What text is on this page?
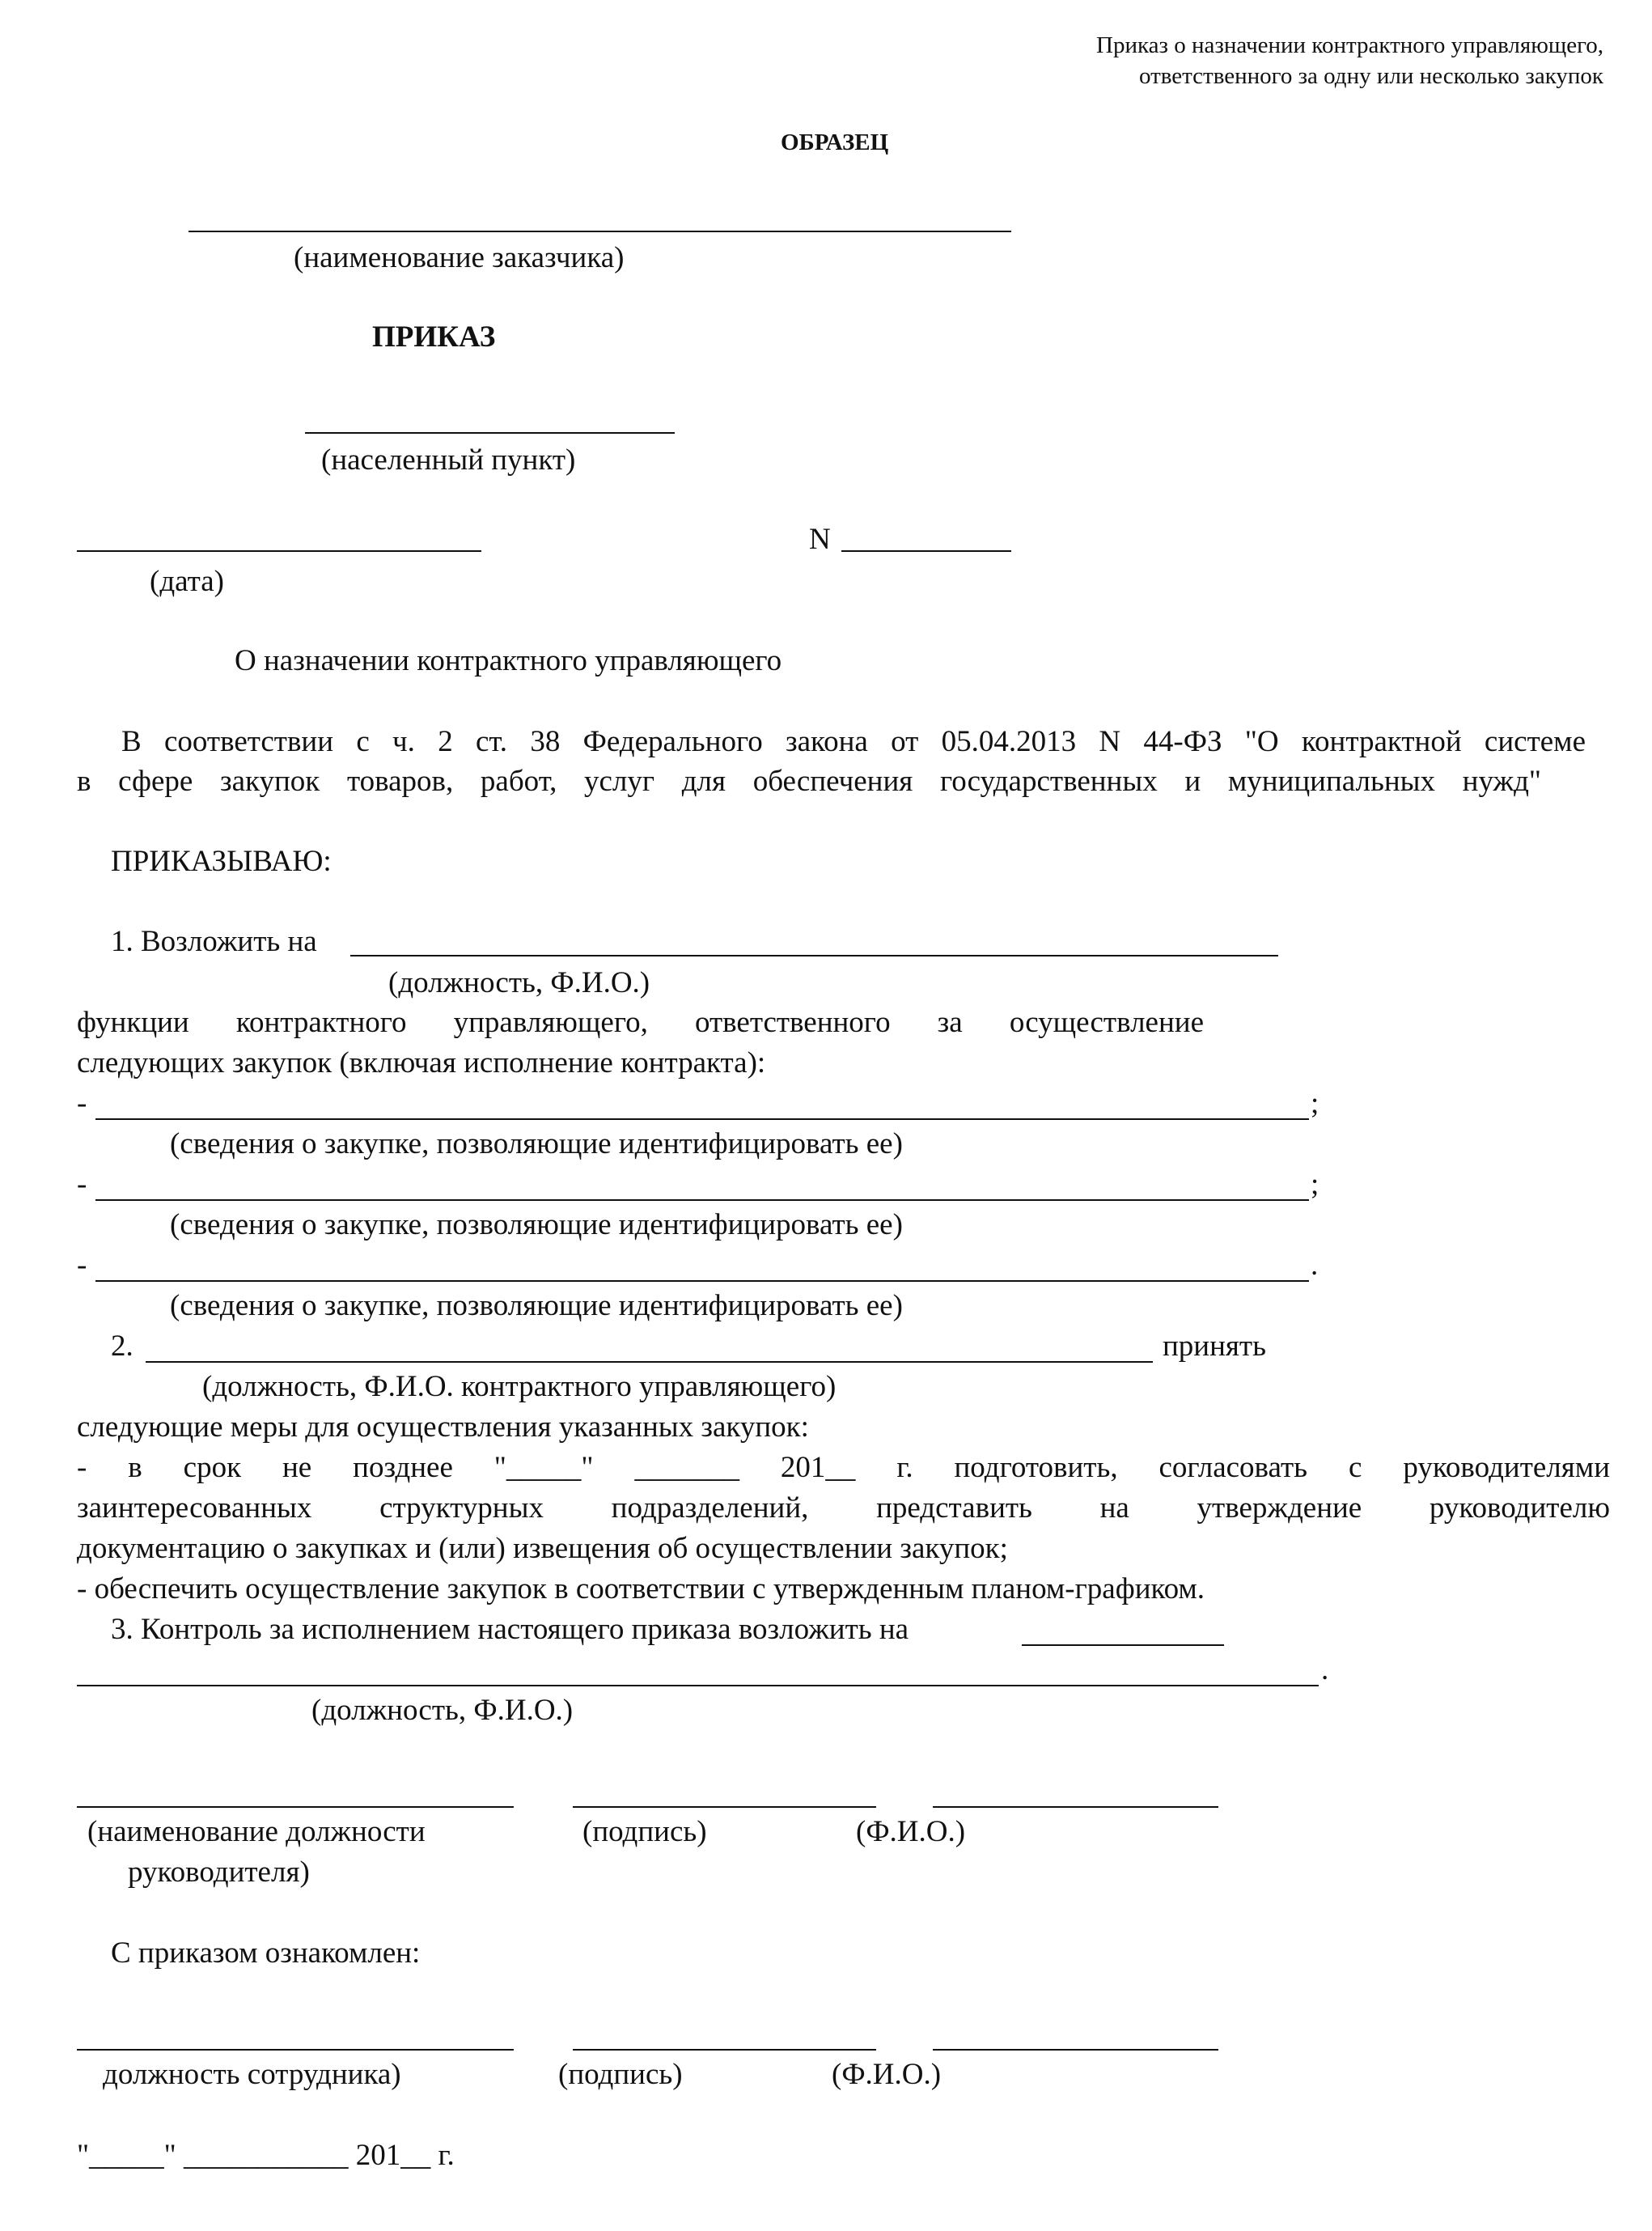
Приказ о назначении контрактного управляющего,
ответственного за одну или несколько закупок
ОБРАЗЕЦ
(наименование заказчика)
ПРИКАЗ
(населенный пункт)
N
(дата)
О назначении контрактного управляющего
В соответствии с ч. 2 ст. 38 Федерального закона от 05.04.2013 N 44-ФЗ "О контрактной системе
в сфере закупок товаров, работ, услуг для обеспечения государственных и муниципальных нужд"
ПРИКАЗЫВАЮ:
1. Возложить на
(должность, Ф.И.О.)
функции контрактного управляющего, ответственного за осуществление
следующих закупок (включая исполнение контракта):
-	;
(сведения о закупке, позволяющие идентифицировать ее)
-	;
(сведения о закупке, позволяющие идентифицировать ее)
-	.
(сведения о закупке, позволяющие идентифицировать ее)
2.	принять
(должность, Ф.И.О. контрактного управляющего)
следующие меры для осуществления указанных закупок:
- в срок не позднее "_____" _______ 201__ г. подготовить, согласовать с руководителями
заинтересованных структурных подразделений, представить на утверждение руководителю
документацию о закупках и (или) извещения об осуществлении закупок;
- обеспечить осуществление закупок в соответствии с утвержденным планом-графиком.
3. Контроль за исполнением настоящего приказа возложить на
.
(должность, Ф.И.О.)
(наименование должности
руководителя)
(подпись)	(Ф.И.О.)
С приказом ознакомлен:
должность сотрудника)	(подпись)	(Ф.И.О.)
"_____" ___________ 201__ г.
